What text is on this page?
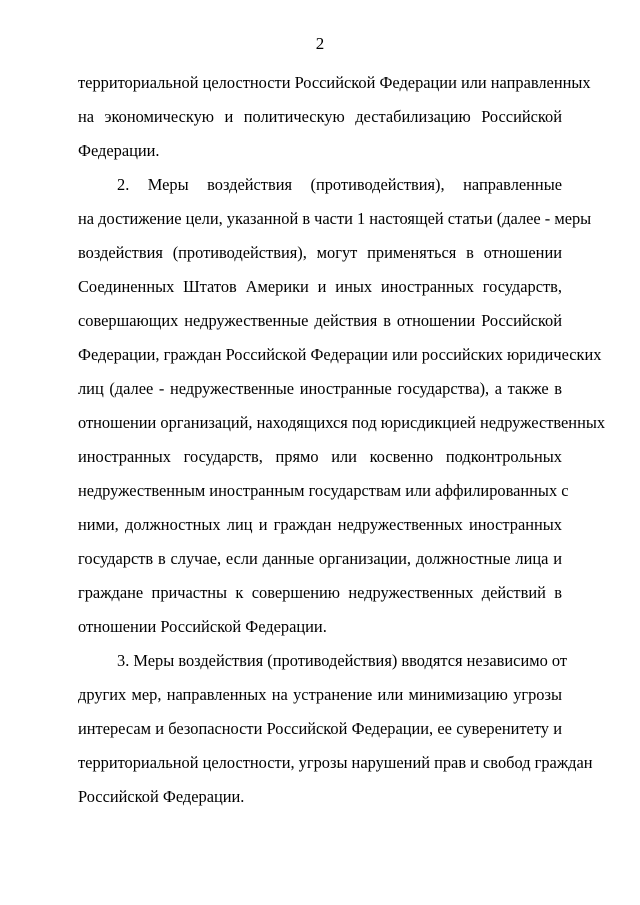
2
территориальной целостности Российской Федерации или направленных
на экономическую и политическую дестабилизацию Российской
Федерации.
2. Меры воздействия (противодействия), направленные
на достижение цели, указанной в части 1 настоящей статьи (далее - меры
воздействия (противодействия), могут применяться в отношении
Соединенных Штатов Америки и иных иностранных государств,
совершающих недружественные действия в отношении Российской
Федерации, граждан Российской Федерации или российских юридических
лиц (далее - недружественные иностранные государства), а также в
отношении организаций, находящихся под юрисдикцией недружественных
иностранных государств, прямо или косвенно подконтрольных
недружественным иностранным государствам или аффилированных с
ними, должностных лиц и граждан недружественных иностранных
государств в случае, если данные организации, должностные лица и
граждане причастны к совершению недружественных действий в
отношении Российской Федерации.
3. Меры воздействия (противодействия) вводятся независимо от
других мер, направленных на устранение или минимизацию угрозы
интересам и безопасности Российской Федерации, ее суверенитету и
территориальной целостности, угрозы нарушений прав и свобод граждан
Российской Федерации.
